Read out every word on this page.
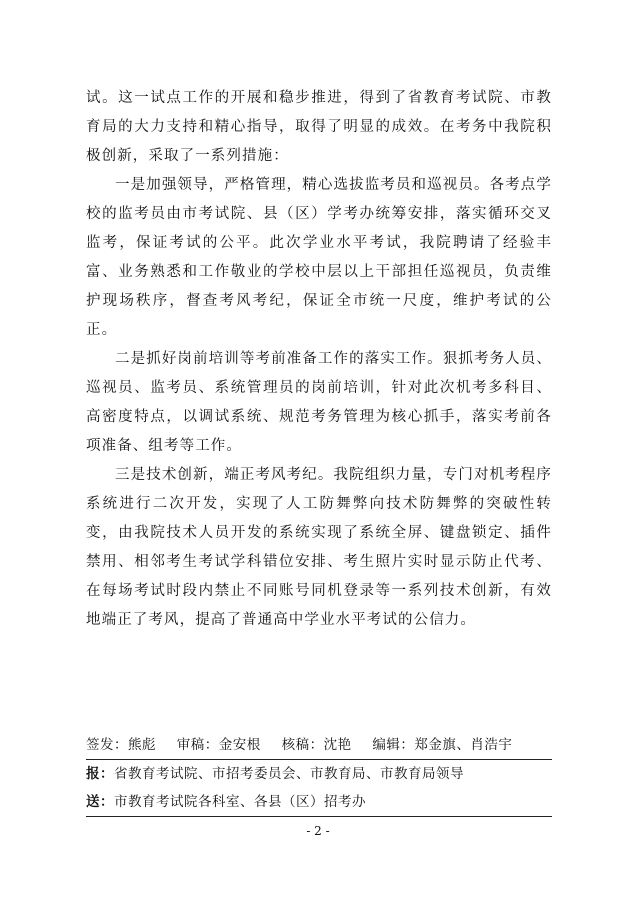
试。这一试点工作的开展和稳步推进，得到了省教育考试院、市教育局的大力支持和精心指导，取得了明显的成效。在考务中我院积极创新，采取了一系列措施：

一是加强领导，严格管理，精心选拔监考员和巡视员。各考点学校的监考员由市考试院、县（区）学考办统筹安排，落实循环交叉监考，保证考试的公平。此次学业水平考试，我院聘请了经验丰富、业务熟悉和工作敬业的学校中层以上干部担任巡视员，负责维护现场秩序，督查考风考纪，保证全市统一尺度，维护考试的公正。

二是抓好岗前培训等考前准备工作的落实工作。狠抓考务人员、巡视员、监考员、系统管理员的岗前培训，针对此次机考多科目、高密度特点，以调试系统、规范考务管理为核心抓手，落实考前各项准备、组考等工作。

三是技术创新，端正考风考纪。我院组织力量，专门对机考程序系统进行二次开发，实现了人工防舞弊向技术防舞弊的突破性转变，由我院技术人员开发的系统实现了系统全屏、键盘锁定、插件禁用、相邻考生考试学科错位安排、考生照片实时显示防止代考、在每场考试时段内禁止不同账号同机登录等一系列技术创新，有效地端正了考风，提高了普通高中学业水平考试的公信力。

签发：熊彪 审稿：金安根 核稿：沈艳 编辑：郑金旗、肖浩宇
报：省教育考试院、市招考委员会、市教育局、市教育局领导
送：市教育考试院各科室、各县（区）招考办
- 2 -
